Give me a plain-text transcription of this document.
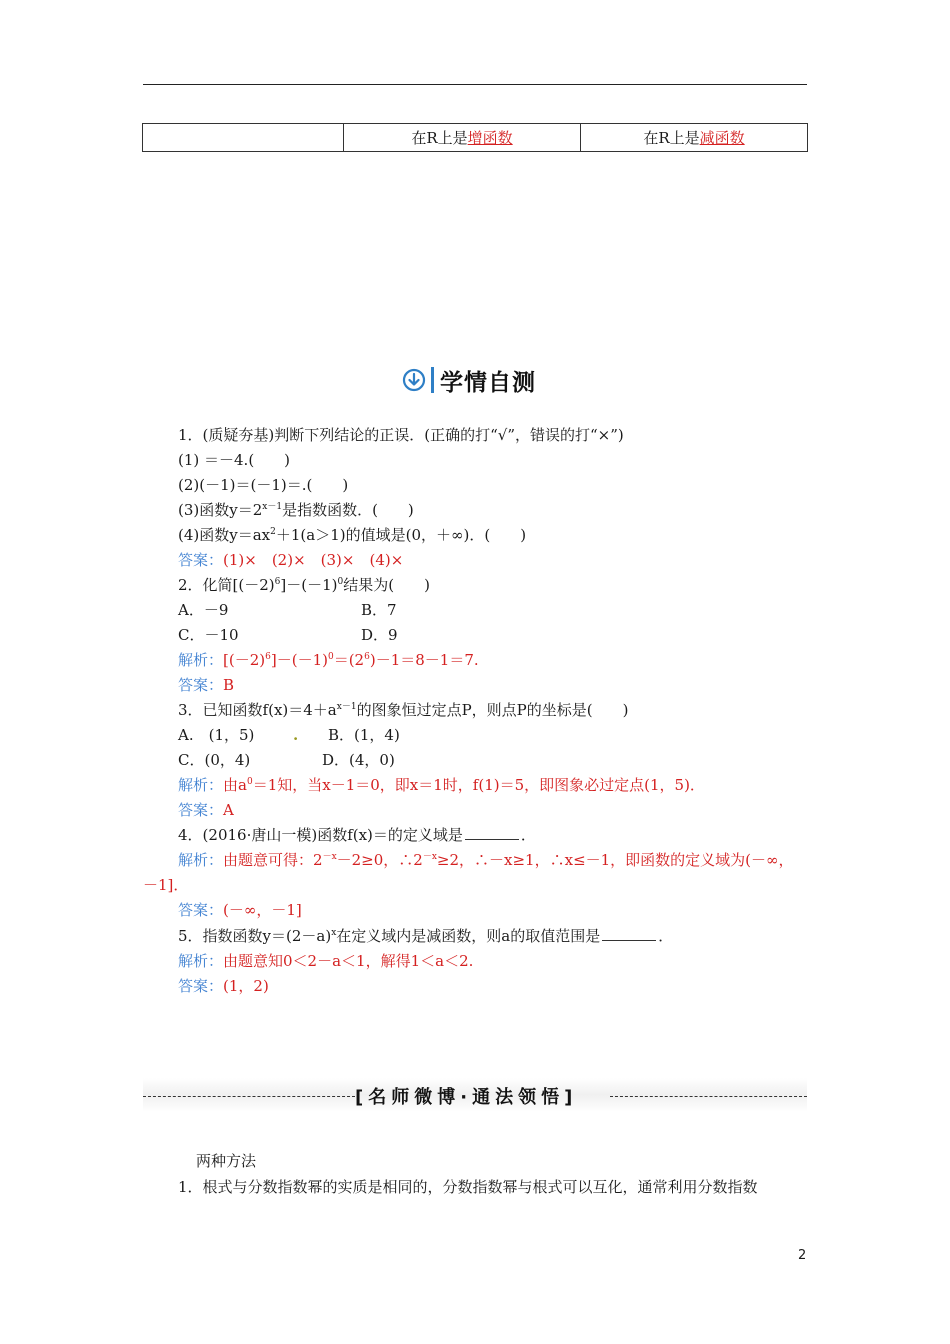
	在R上是增函数	在R上是减函数
学情自测
1．(质疑夯基)判断下列结论的正误．(正确的打“√”，错误的打“×”)
(1) ＝－4.(　　)
(2)(－1)＝(－1)＝.(　　)
(3)函数$y=2^{x-1}$是指数函数．(　　)
(4)函数$y=ax^2+1(a>1)$的值域是(0，＋∞)．(　　)
答案：(1)×　(2)×　(3)×　(4)×
2．化简$[(-2)^6]-(-1)^0$结果为(　　)
A．－9	B．7
C．－10	D．9
解析：$[(-2)^6]-(-1)^0=(2^6)-1=8-1=7$.
答案：B
3．已知函数$f(x)=4+a^{x-1}$的图象恒过定点P，则点P的坐标是(　　)
A.　(1，5)	. B．(1，4)
C．(0，4)	D．(4，0)
解析：由$a^0=1$知，当x－1＝0，即x＝1时，f(1)＝5，即图象必过定点(1，5)．
答案：A
4．(2016·唐山一模)函数f(x)＝的定义域是	．
解析：由题意可得：$2^{-x}-2\ge 0$，$\therefore 2^{-x}\ge 2$，∴－x≥1，∴x≤－1，即函数的定义域为(－∞，
－1]．
答案：(－∞，－1]
5．指数函数$y=(2-a)^x$在定义域内是减函数，则a的取值范围是	．
解析：由题意知0＜2－a＜1，解得1＜a＜2.
答案：(1，2)
[名师微博·通法领悟]
两种方法
1．根式与分数指数幂的实质是相同的，分数指数幂与根式可以互化，通常利用分数指数
2
